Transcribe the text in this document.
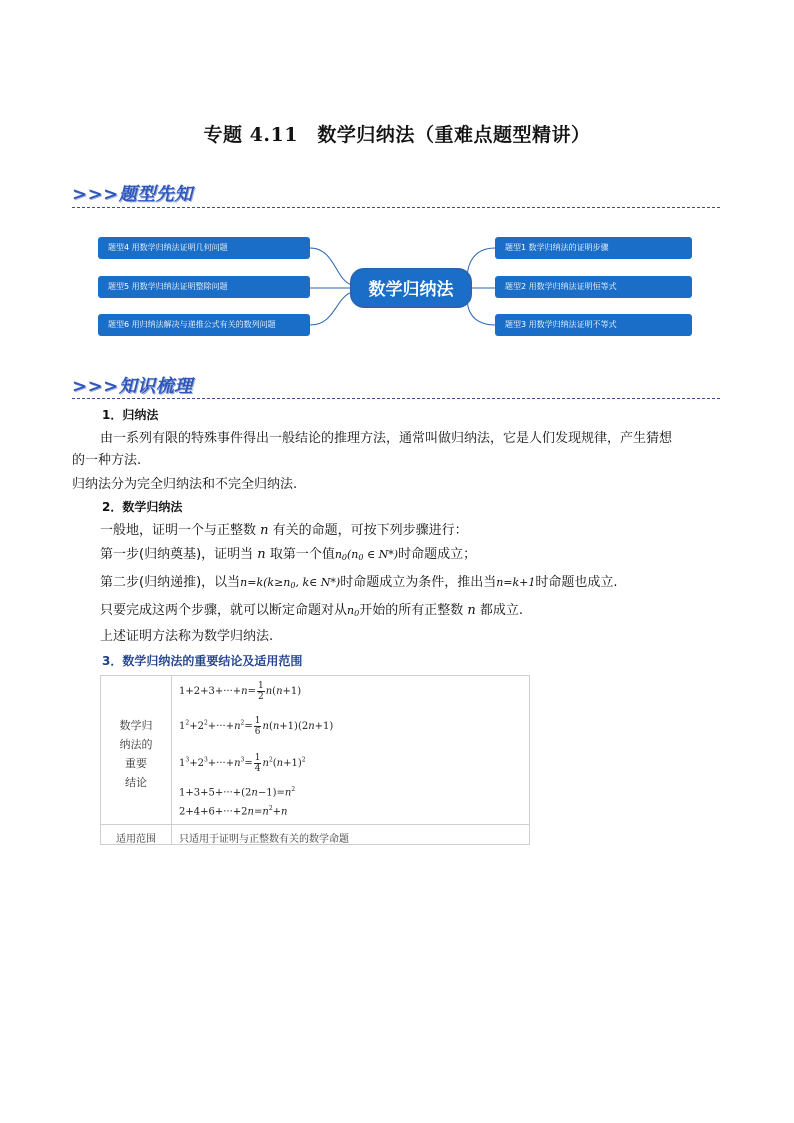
专题 4.11　数学归纳法（重难点题型精讲）
>>>题型先知
题型4 用数学归纳法证明几何问题
题型5 用数学归纳法证明整除问题
题型6 用归纳法解决与递推公式有关的数列问题
数学归纳法
题型1 数学归纳法的证明步骤
题型2 用数学归纳法证明恒等式
题型3 用数学归纳法证明不等式
>>>知识梳理
1．归纳法
由一系列有限的特殊事件得出一般结论的推理方法，通常叫做归纳法，它是人们发现规律，产生猜想
的一种方法.
归纳法分为完全归纳法和不完全归纳法.
2．数学归纳法
一般地，证明一个与正整数 n 有关的命题，可按下列步骤进行：
第一步(归纳奠基)，证明当 n 取第一个值$n_0(n_0$ ∈ N*)时命题成立；
第二步(归纳递推)，以当$n=k(k\ge n_0$, k∈ N*)时命题成立为条件，推出当n=k+1时命题也成立.
只要完成这两个步骤，就可以断定命题对从$n_0$开始的所有正整数 n 都成立.
上述证明方法称为数学归纳法.
3．数学归纳法的重要结论及适用范围
数学归
纳法的
重要
结论
$1+2+3+\cdot\cdot\cdot+n= \frac{1}{2} n(n+1)$
$1^2+2^2+\cdot\cdot\cdot+n^2= \frac{1}{6} n(n+1)(2n+1)$
$1^3+2^3+\cdot\cdot\cdot+n^3= \frac{1}{4} n^2(n+1)^2$
$1+3+5+\cdot\cdot\cdot+(2n-1)=n^2$
$2+4+6+\cdot\cdot\cdot+2n=n^2+n$
适用范围	只适用于证明与正整数有关的数学命题
